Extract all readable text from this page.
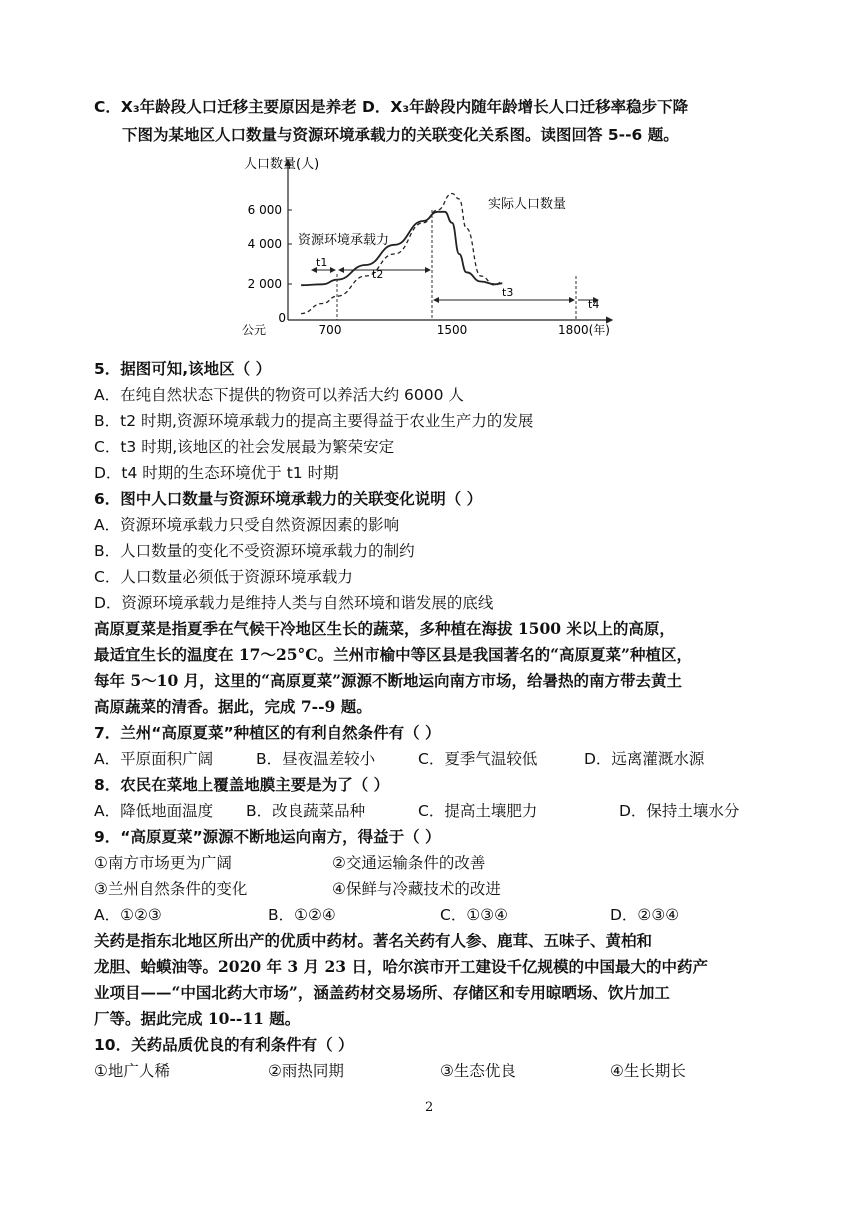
C．X₃年龄段人口迁移主要原因是养老 D．X₃年龄段内随年龄增长人口迁移率稳步下降
下图为某地区人口数量与资源环境承载力的关联变化关系图。读图回答 5--6 题。
人口数量(人)
6 000
4 000
2 000
0
公元	700	1500	1800(年)
t1
t2
t3
t4
资源环境承载力
实际人口数量
5．据图可知,该地区（ ）
A．在纯自然状态下提供的物资可以养活大约 6000 人
B．t2 时期,资源环境承载力的提高主要得益于农业生产力的发展
C．t3 时期,该地区的社会发展最为繁荣安定
D．t4 时期的生态环境优于 t1 时期
6．图中人口数量与资源环境承载力的关联变化说明（ ）
A．资源环境承载力只受自然资源因素的影响
B．人口数量的变化不受资源环境承载力的制约
C．人口数量必须低于资源环境承载力
D．资源环境承载力是维持人类与自然环境和谐发展的底线
高原夏菜是指夏季在气候干冷地区生长的蔬菜，多种植在海拔 1500 米以上的高原，
最适宜生长的温度在 17～25°C。兰州市榆中等区县是我国著名的“高原夏菜”种植区，
每年 5～10 月，这里的“高原夏菜”源源不断地运向南方市场，给暑热的南方带去黄土
高原蔬菜的清香。据此，完成 7--9 题。
7．兰州“高原夏菜”种植区的有利自然条件有（ ）
A．平原面积广阔	B．昼夜温差较小	C．夏季气温较低	D．远离灌溉水源
8．农民在菜地上覆盖地膜主要是为了（ ）
A．降低地面温度 B．改良蔬菜品种	C．提高土壤肥力	D．保持土壤水分
9．“高原夏菜”源源不断地运向南方，得益于（ ）
①南方市场更为广阔	②交通运输条件的改善
③兰州自然条件的变化	④保鲜与冷藏技术的改进
A．①②③	B．①②④	C．①③④	D．②③④
关药是指东北地区所出产的优质中药材。著名关药有人参、鹿茸、五味子、黄柏和
龙胆、蛤蟆油等。2020 年 3 月 23 日，哈尔滨市开工建设千亿规模的中国最大的中药产
业项目——“中国北药大市场”，涵盖药材交易场所、存储区和专用晾晒场、饮片加工
厂等。据此完成 10--11 题。
10．关药品质优良的有利条件有（ ）
①地广人稀	②雨热同期	③生态优良	④生长期长
2
